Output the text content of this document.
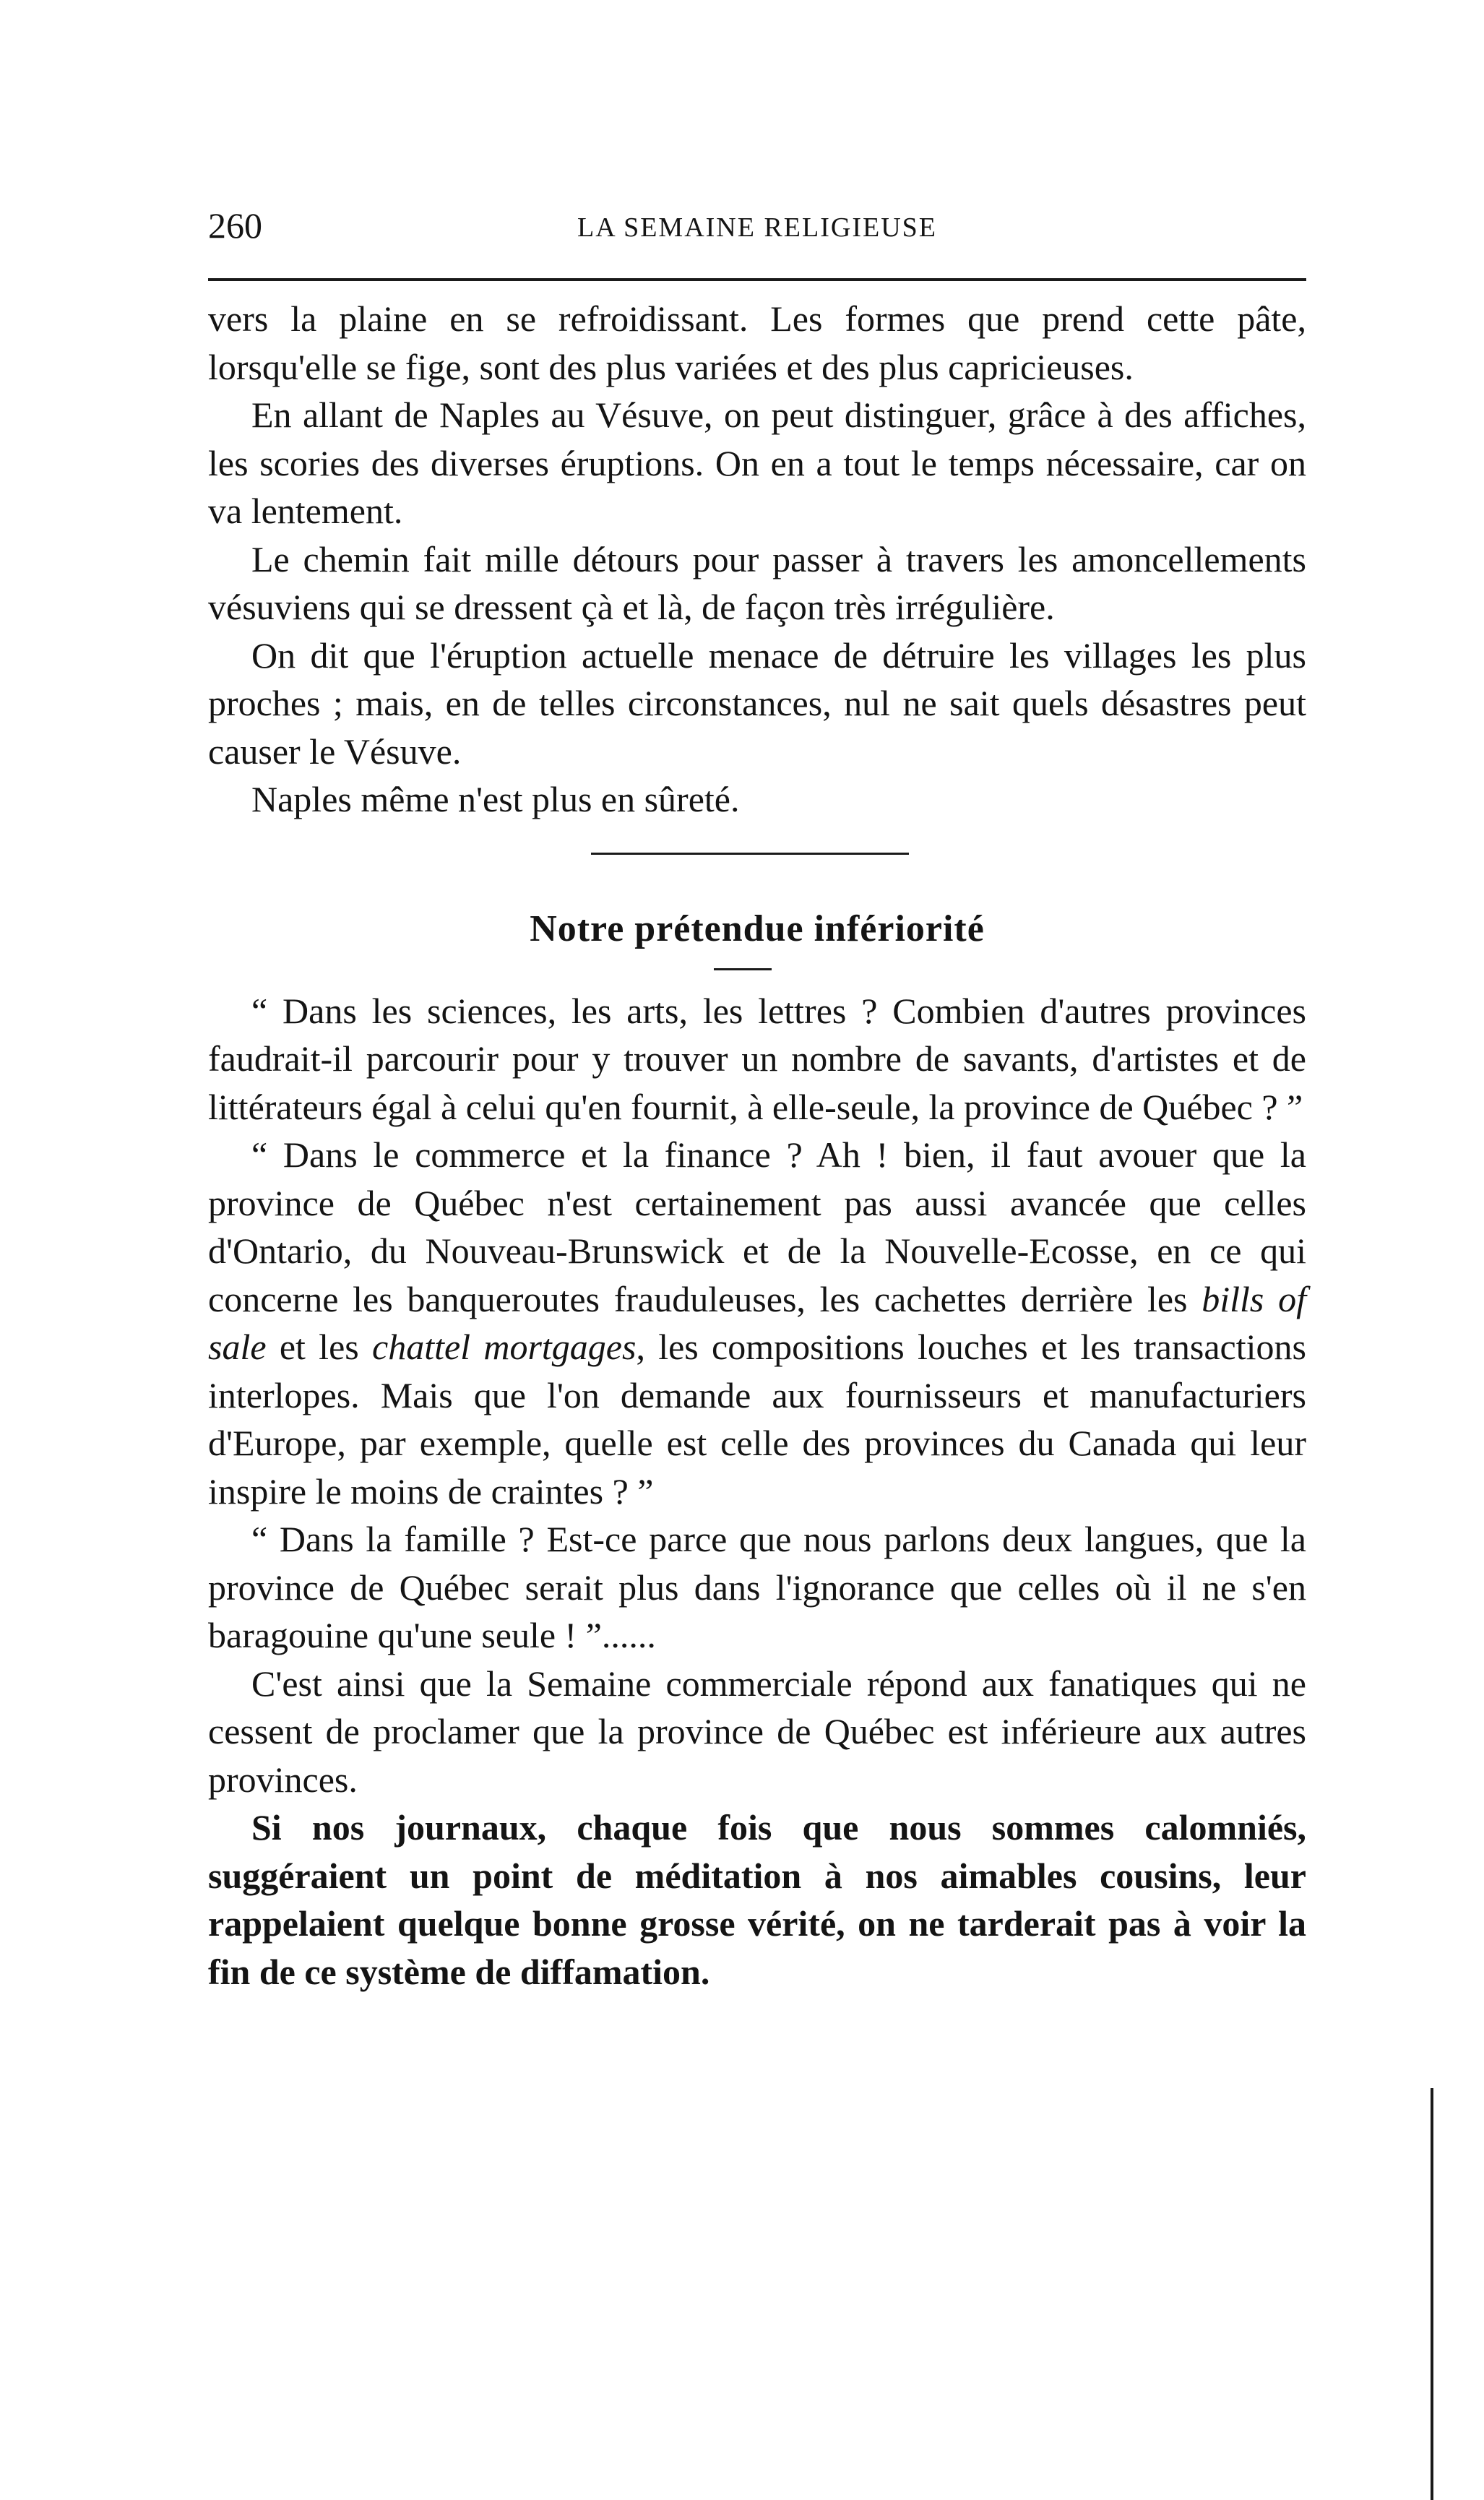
260	LA SEMAINE RELIGIEUSE

vers la plaine en se refroidissant. Les formes que prend cette pâte, lorsqu'elle se fige, sont des plus variées et des plus capricieuses.

En allant de Naples au Vésuve, on peut distinguer, grâce à des affiches, les scories des diverses éruptions. On en a tout le temps nécessaire, car on va lentement.

Le chemin fait mille détours pour passer à travers les amoncellements vésuviens qui se dressent çà et là, de façon très irrégulière.

On dit que l'éruption actuelle menace de détruire les villages les plus proches ; mais, en de telles circonstances, nul ne sait quels désastres peut causer le Vésuve.

Naples même n'est plus en sûreté.

Notre prétendue infériorité

“ Dans les sciences, les arts, les lettres ? Combien d'autres provinces faudrait-il parcourir pour y trouver un nombre de savants, d'artistes et de littérateurs égal à celui qu'en fournit, à elle-seule, la province de Québec ? ”

“ Dans le commerce et la finance ? Ah ! bien, il faut avouer que la province de Québec n'est certainement pas aussi avancée que celles d'Ontario, du Nouveau-Brunswick et de la Nouvelle-Ecosse, en ce qui concerne les banqueroutes frauduleuses, les cachettes derrière les bills of sale et les chattel mortgages, les compositions louches et les transactions interlopes. Mais que l'on demande aux fournisseurs et manufacturiers d'Europe, par exemple, quelle est celle des provinces du Canada qui leur inspire le moins de craintes ? ”

“ Dans la famille ? Est-ce parce que nous parlons deux langues, que la province de Québec serait plus dans l'ignorance que celles où il ne s'en baragouine qu'une seule ! ”......

C'est ainsi que la Semaine commerciale répond aux fanatiques qui ne cessent de proclamer que la province de Québec est inférieure aux autres provinces.

Si nos journaux, chaque fois que nous sommes calomniés, suggéraient un point de méditation à nos aimables cousins, leur rappelaient quelque bonne grosse vérité, on ne tarderait pas à voir la fin de ce système de diffamation.
